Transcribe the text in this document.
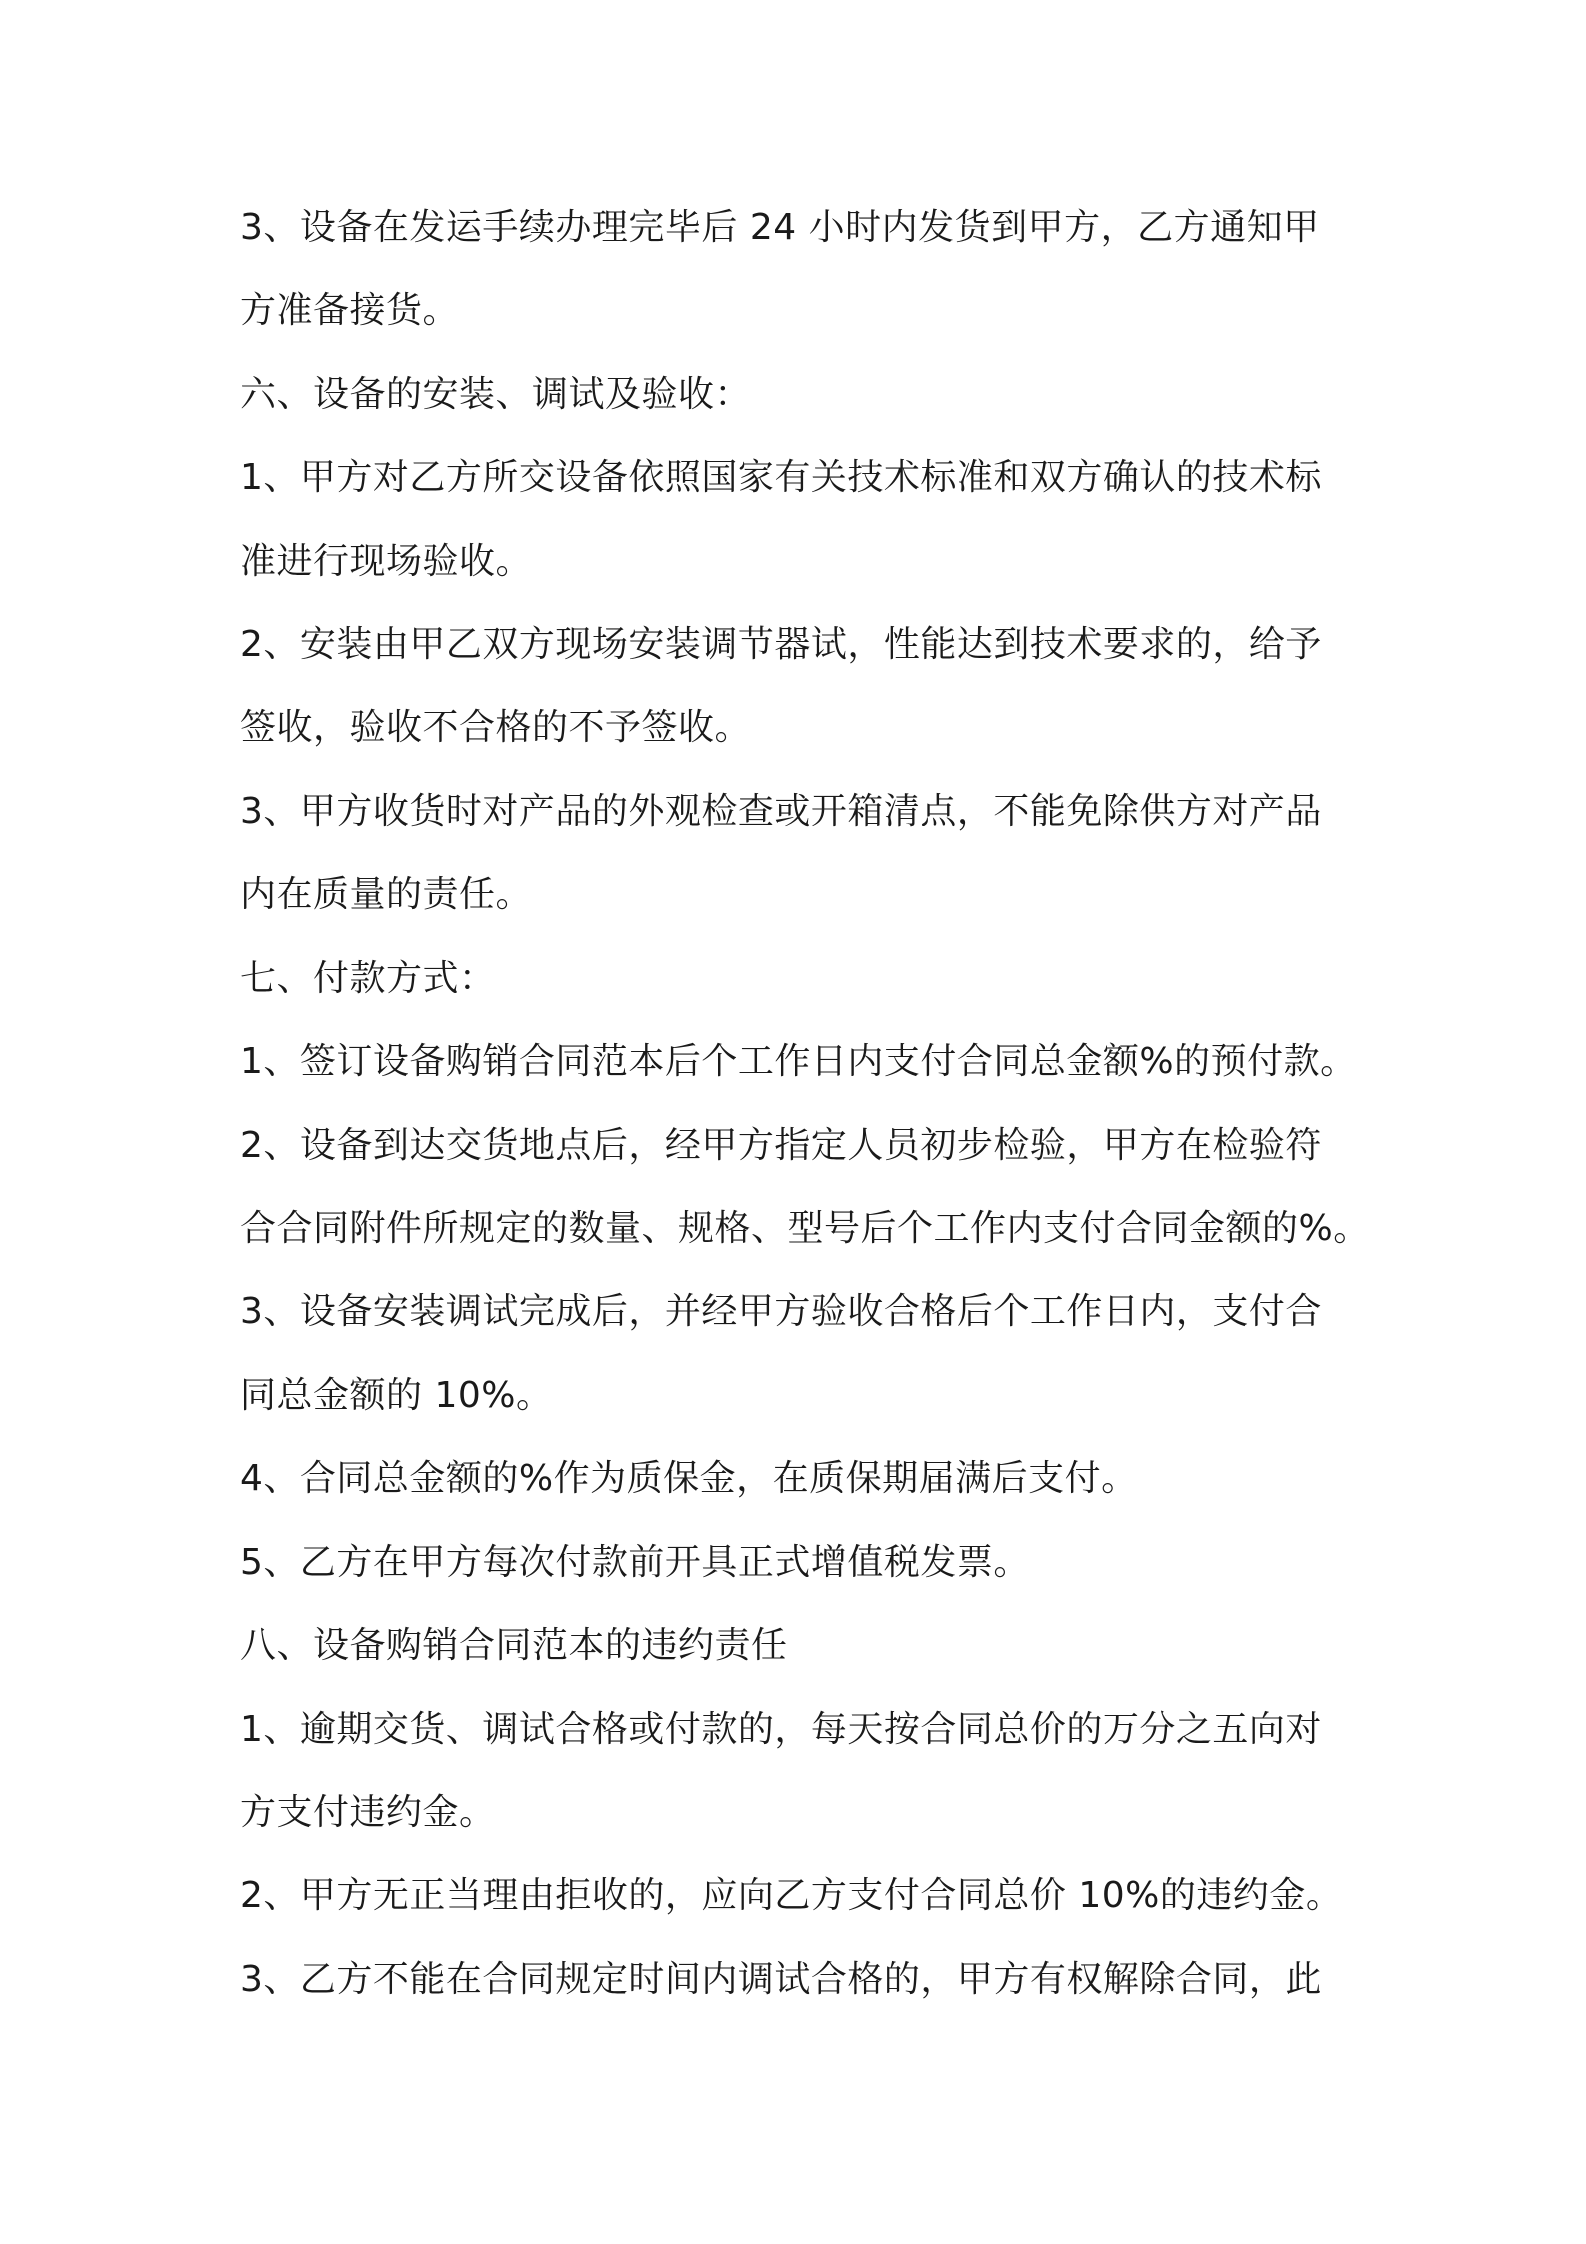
3、设备在发运手续办理完毕后 24 小时内发货到甲方，乙方通知甲
方准备接货。
六、设备的安装、调试及验收：
1、甲方对乙方所交设备依照国家有关技术标准和双方确认的技术标
准进行现场验收。
2、安装由甲乙双方现场安装调节器试，性能达到技术要求的，给予
签收，验收不合格的不予签收。
3、甲方收货时对产品的外观检查或开箱清点，不能免除供方对产品
内在质量的责任。
七、付款方式：
1、签订设备购销合同范本后个工作日内支付合同总金额%的预付款。
2、设备到达交货地点后，经甲方指定人员初步检验，甲方在检验符
合合同附件所规定的数量、规格、型号后个工作内支付合同金额的%。
3、设备安装调试完成后，并经甲方验收合格后个工作日内，支付合
同总金额的 10%。
4、合同总金额的%作为质保金，在质保期届满后支付。
5、乙方在甲方每次付款前开具正式增值税发票。
八、设备购销合同范本的违约责任
1、逾期交货、调试合格或付款的，每天按合同总价的万分之五向对
方支付违约金。
2、甲方无正当理由拒收的，应向乙方支付合同总价 10%的违约金。
3、乙方不能在合同规定时间内调试合格的，甲方有权解除合同，此
